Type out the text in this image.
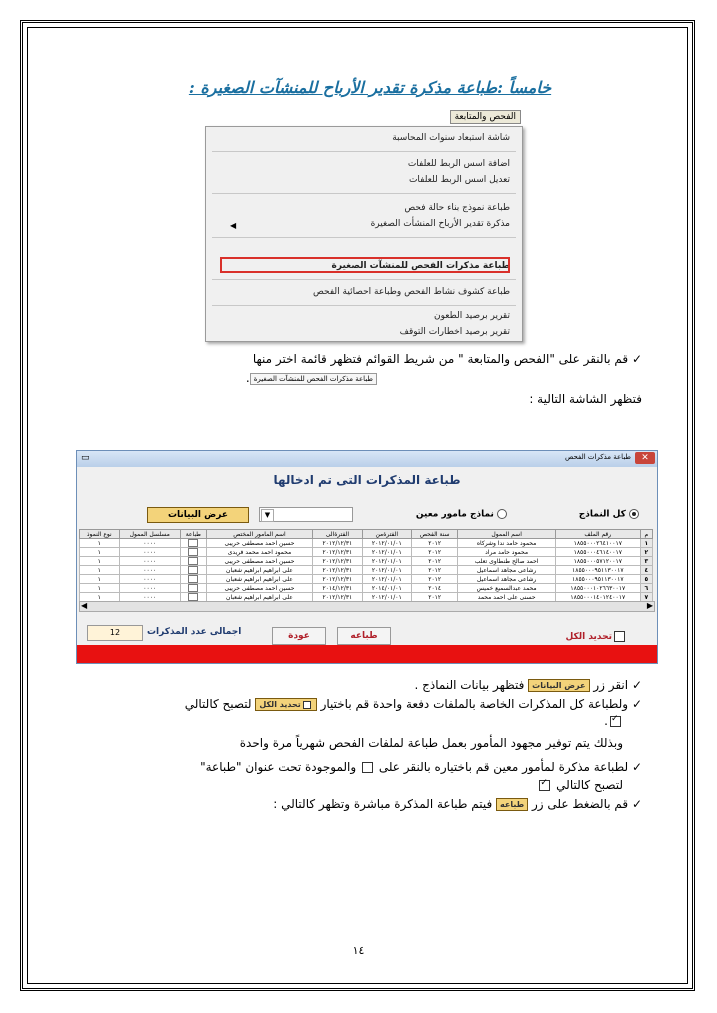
خامساً :طباعة مذكرة تقدير الأرباح للمنشآت الصغيرة :
الفحص والمتابعة
شاشة استبعاد سنوات المحاسبة
اضافة اسس الربط للعلفات
تعديل اسس الربط للعلفات
طباعة نموذج بناء حالة فحص
مذكرة تقدير الأرباح المنشأت الصغيرة
◀
طباعة مذكرات الفحص للمنشآت الصغيرة
طباعة كشوف نشاط الفحص وطباعة احصائية الفحص
تقرير برصيد الطعون
تقرير برصيد اخطارات التوقف
✓ قم بالنقر على "الفحص والمتابعة " من شريط القوائم فتظهر قائمة اختر منها
طباعة مذكرات الفحص للمنشآت الصغيرة.
فتظهر الشاشة التالية :
▭	طباعة مذكرات الفحص	✕
طباعة المذكرات التى تم ادخالها
كل النماذج
نماذج مامور معين
▼
عرض البيانات
م	رقم الملف	اسم الممول	سنة الفحص	الفترةمن	الفترةالى	اسم المامور المختص	طباعة	مسلسل الممول	نوع النموذ
١	١٨٥٥٠٠٠٢٦٤١٠٠١٧	محمود حامد ندا وشركاه	٢٠١٢	٢٠١٢/٠١/٠١	٢٠١٢/١٢/٣١	حسين احمد مصطفى حريبى		٠٠٠٠	١
٢	١٨٥٥٠٠٠٤٦١٤٠٠١٧	محمود حامد مراد	٢٠١٢	٢٠١٢/٠١/٠١	٢٠١٢/١٢/٣١	محمود احمد محمد فريدى		٠٠٠٠	١
٣	١٨٥٥٠٠٠٥٧١٢٠٠١٧	احمد صالح طنطاوى تعلب	٢٠١٢	٢٠١٢/٠١/٠١	٢٠١٢/١٢/٣١	حسين احمد مصطفى حريبى		٠٠٠٠	١
٤	١٨٥٥٠٠٠٩٥١١٣٠٠١٧	رشاعى مجاهد اسماعيل	٢٠١٢	٢٠١٢/٠١/٠١	٢٠١٢/١٢/٣١	على ابراهيم ابراهيم شعبان		٠٠٠٠	١
٥	١٨٥٥٠٠٠٩٥١١٣٠٠١٧	رشاعى مجاهد اسماعيل	٢٠١٢	٢٠١٢/٠١/٠١	٢٠١٢/١٢/٣١	على ابراهيم ابراهيم شعبان		٠٠٠٠	١
٦	١٨٥٥٠٠٠١٠٢٦٦٣٠٠١٧	محمد عبدالسميع خميس	٢٠١٤	٢٠١٤/٠١/٠١	٢٠١٤/١٢/٣١	حسين احمد مصطفى حريبى		٠٠٠٠	١
٧	١٨٥٥٠٠٠١٤٠١٢٤٠٠١٧	حسنى على احمد محمد	٢٠١٢	٢٠١٢/٠١/٠١	٢٠١٢/١٢/٣١	على ابراهيم ابراهيم شعبان		٠٠٠٠	١
◀	▶
تحديد الكل
طباعه
عودة
اجمالى عدد المذكرات
12
✓ انقر زر عرض البيانات فتظهر بيانات النماذج .
✓ ولطباعة كل المذكرات الخاصة بالملفات دفعة واحدة قم باختيار تحديد الكل لتصبح كالتالي
✓.
وبذلك يتم توفير مجهود المأمور بعمل طباعة لملفات الفحص شهرياً مرة واحدة
✓ لطباعة مذكرة لمأمور معين قم باختياره بالنقر على  والموجودة تحت عنوان "طباعة"
لتصبح كالتالي ✓
✓ قم بالضغط على زر طباعه فيتم طباعة المذكرة مباشرة وتظهر كالتالي :
١٤
